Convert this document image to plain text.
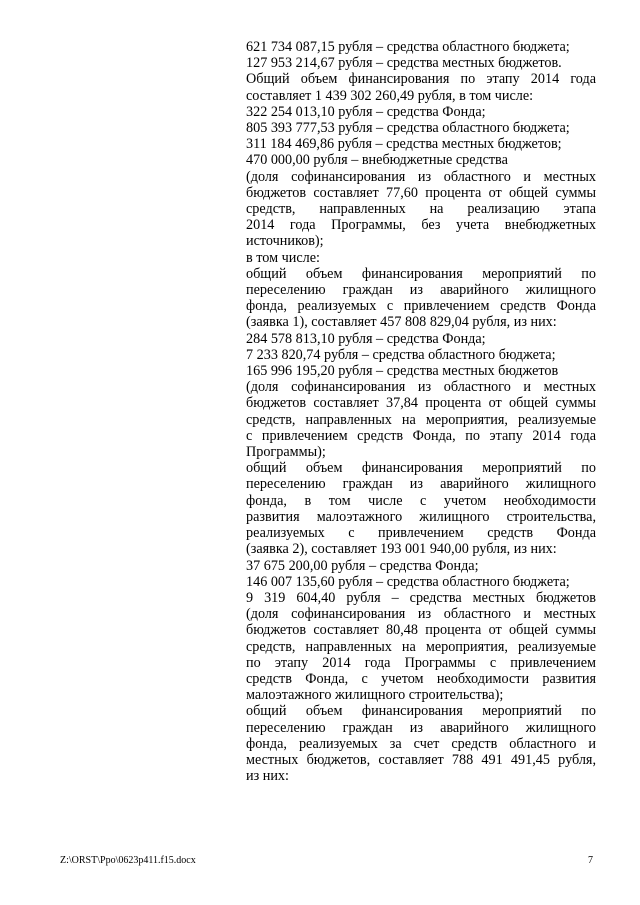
621 734 087,15 рубля – средства областного бюджета;
127 953 214,67 рубля – средства местных бюджетов.
Общий объем финансирования по этапу 2014 года
составляет 1 439 302 260,49 рубля, в том числе:
322 254 013,10 рубля – средства Фонда;
805 393 777,53 рубля – средства областного бюджета;
311 184 469,86 рубля – средства местных бюджетов;
470 000,00 рубля – внебюджетные средства
(доля софинансирования из областного и местных
бюджетов составляет 77,60 процента от общей суммы
средств, направленных на реализацию этапа
2014 года Программы, без учета внебюджетных
источников);
в том числе:
общий объем финансирования мероприятий по
переселению граждан из аварийного жилищного
фонда, реализуемых с привлечением средств Фонда
(заявка 1), составляет 457 808 829,04 рубля, из них:
284 578 813,10 рубля – средства Фонда;
7 233 820,74 рубля – средства областного бюджета;
165 996 195,20 рубля – средства местных бюджетов
(доля софинансирования из областного и местных
бюджетов составляет 37,84 процента от общей суммы
средств, направленных на мероприятия, реализуемые
с привлечением средств Фонда, по этапу 2014 года
Программы);
общий объем финансирования мероприятий по
переселению граждан из аварийного жилищного
фонда, в том числе с учетом необходимости
развития малоэтажного жилищного строительства,
реализуемых с привлечением средств Фонда
(заявка 2), составляет 193 001 940,00 рубля, из них:
37 675 200,00 рубля – средства Фонда;
146 007 135,60 рубля – средства областного бюджета;
9 319 604,40 рубля – средства местных бюджетов
(доля софинансирования из областного и местных
бюджетов составляет 80,48 процента от общей суммы
средств, направленных на мероприятия, реализуемые
по этапу 2014 года Программы с привлечением
средств Фонда, с учетом необходимости развития
малоэтажного жилищного строительства);
общий объем финансирования мероприятий по
переселению граждан из аварийного жилищного
фонда, реализуемых за счет средств областного и
местных бюджетов, составляет 788 491 491,45 рубля,
из них:
Z:\ORST\Ppo\0623p411.f15.docx	7
